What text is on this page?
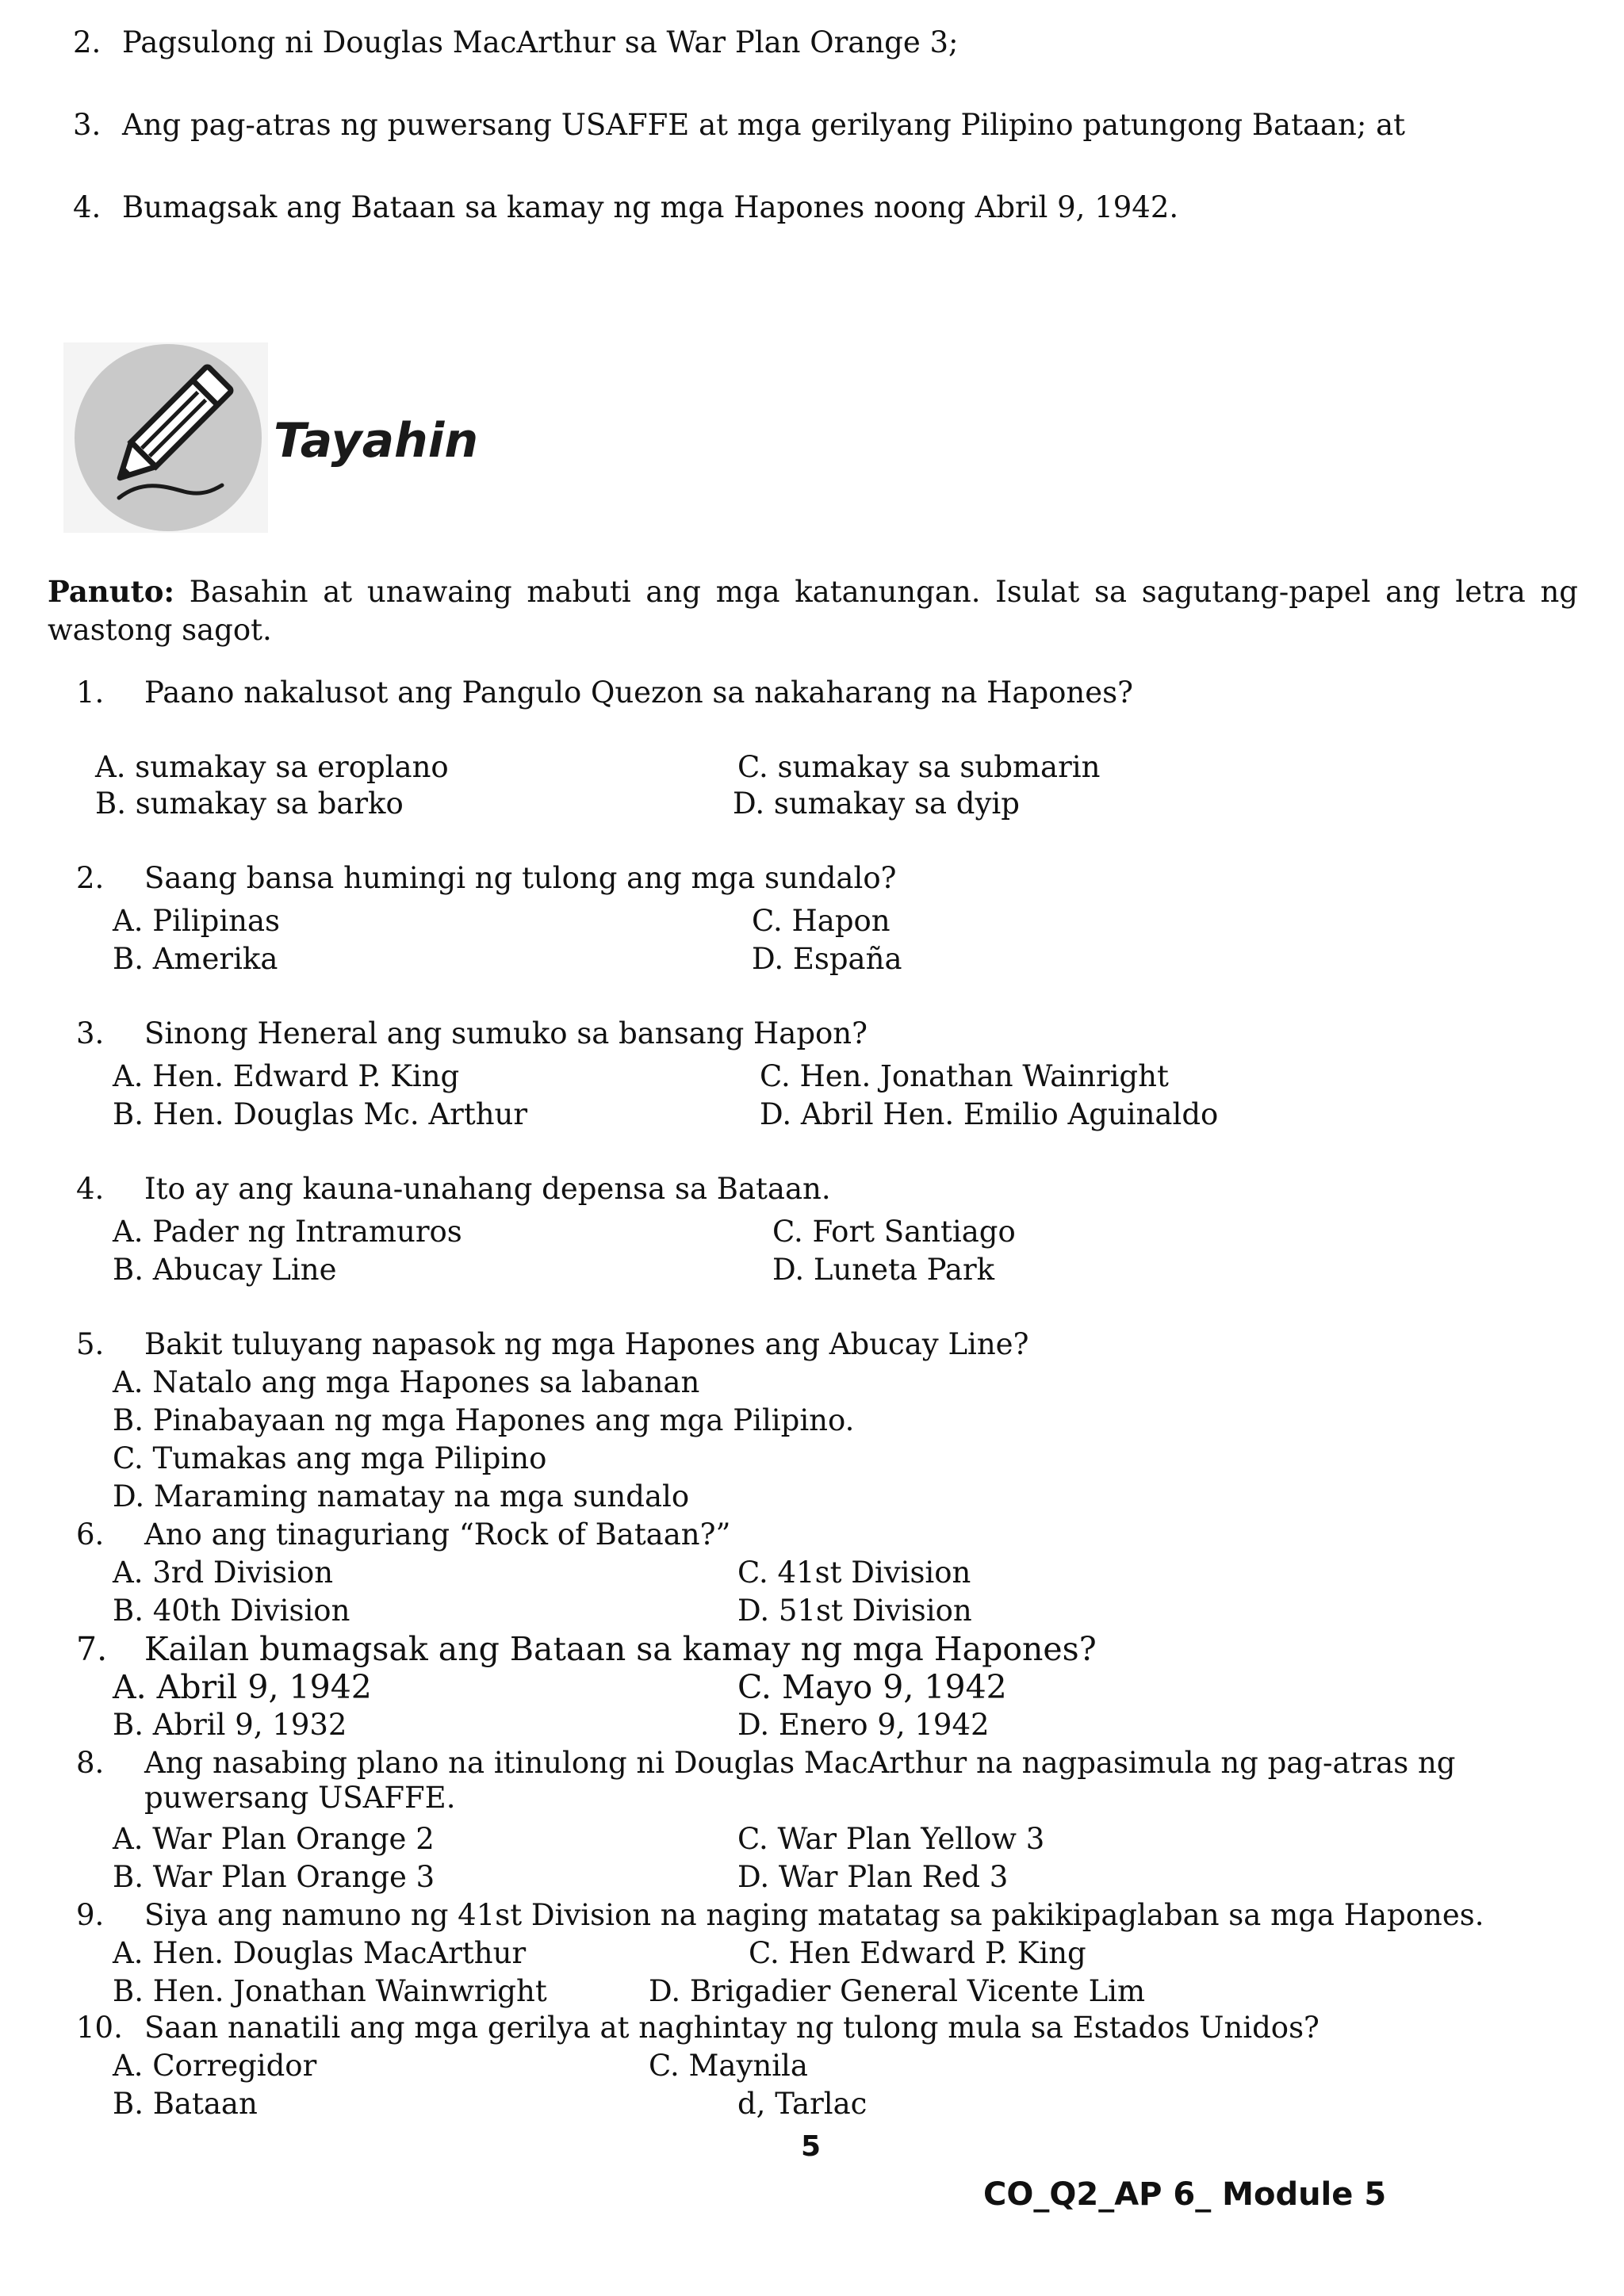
2. Pagsulong ni Douglas MacArthur sa War Plan Orange 3;
3. Ang pag-atras ng puwersang USAFFE at mga gerilyang Pilipino patungong Bataan; at
4. Bumagsak ang Bataan sa kamay ng mga Hapones noong Abril 9, 1942.
Tayahin
Panuto: Basahin at unawaing mabuti ang mga katanungan. Isulat sa sagutang-papel ang letra ng wastong sagot.
1. Paano nakalusot ang Pangulo Quezon sa nakaharang na Hapones?
A. sumakay sa eroplano
B. sumakay sa barko
C. sumakay sa submarin
D. sumakay sa dyip
2. Saang bansa humingi ng tulong ang mga sundalo?
A. Pilipinas
B. Amerika
C. Hapon
D. España
3. Sinong Heneral ang sumuko sa bansang Hapon?
A. Hen. Edward P. King
B. Hen. Douglas Mc. Arthur
C. Hen. Jonathan Wainright
D. Abril Hen. Emilio Aguinaldo
4. Ito ay ang kauna-unahang depensa sa Bataan.
A. Pader ng Intramuros
B. Abucay Line
C. Fort Santiago
D. Luneta Park
5. Bakit tuluyang napasok ng mga Hapones ang Abucay Line?
A. Natalo ang mga Hapones sa labanan
B. Pinabayaan ng mga Hapones ang mga Pilipino.
C. Tumakas ang mga Pilipino
D. Maraming namatay na mga sundalo
6. Ano ang tinaguriang “Rock of Bataan?”
A. 3rd Division
B. 40th Division
C. 41st Division
D. 51st Division
7. Kailan bumagsak ang Bataan sa kamay ng mga Hapones?
A. Abril 9, 1942
B. Abril 9, 1932
C. Mayo 9, 1942
D. Enero 9, 1942
8. Ang nasabing plano na itinulong ni Douglas MacArthur na nagpasimula ng pag-atras ng
puwersang USAFFE.
A. War Plan Orange 2
B. War Plan Orange 3
C. War Plan Yellow 3
D. War Plan Red 3
9. Siya ang namuno ng 41st Division na naging matatag sa pakikipaglaban sa mga Hapones.
A. Hen. Douglas MacArthur
B. Hen. Jonathan Wainwright
C. Hen Edward P. King
D. Brigadier General Vicente Lim
10. Saan nanatili ang mga gerilya at naghintay ng tulong mula sa Estados Unidos?
A. Corregidor
B. Bataan
C. Maynila
d, Tarlac
5
CO_Q2_AP 6_ Module 5
